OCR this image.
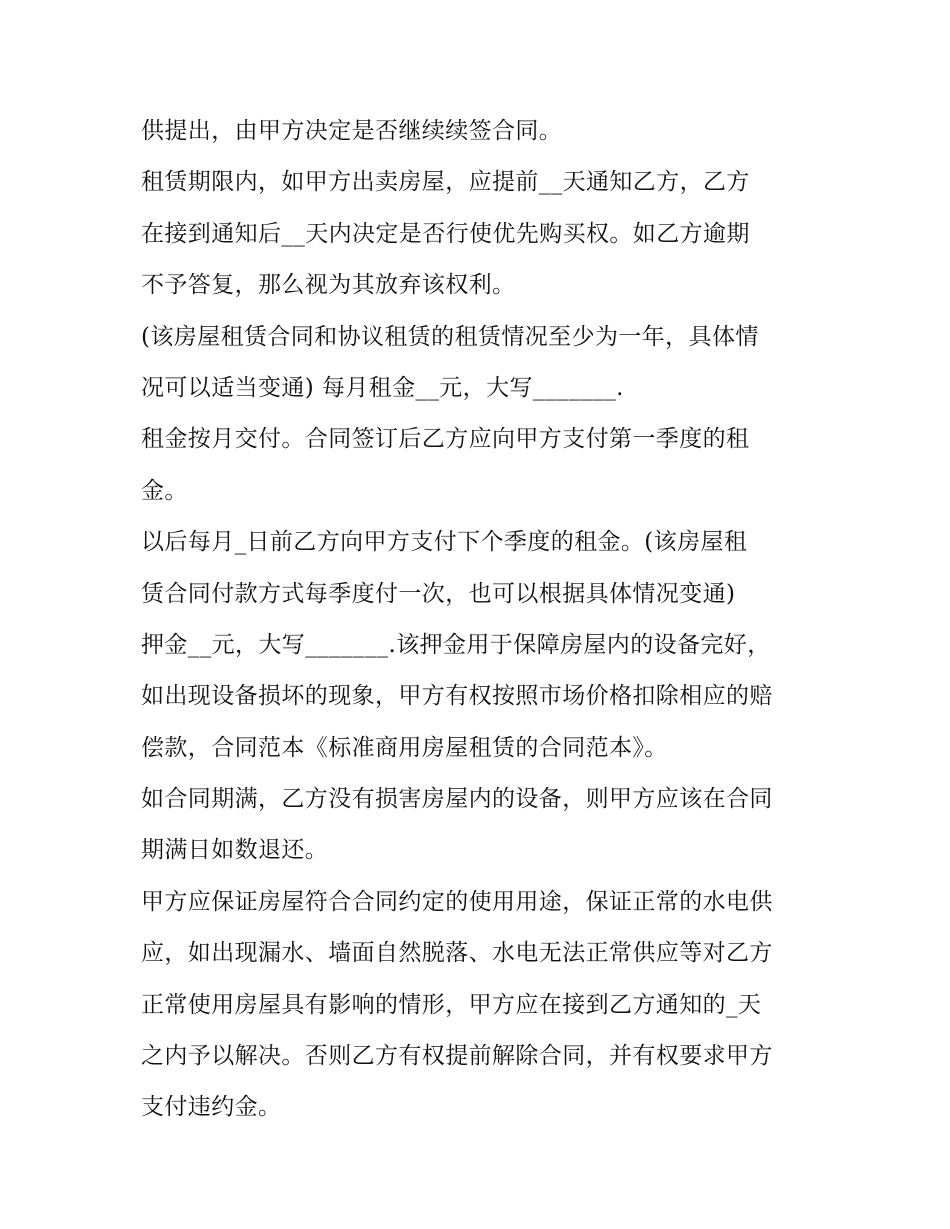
供提出，由甲方决定是否继续续签合同。
租赁期限内，如甲方出卖房屋，应提前__天通知乙方，乙方
在接到通知后__天内决定是否行使优先购买权。如乙方逾期
不予答复，那么视为其放弃该权利。
(该房屋租赁合同和协议租赁的租赁情况至少为一年，具体情
况可以适当变通) 每月租金__元，大写_______.
租金按月交付。合同签订后乙方应向甲方支付第一季度的租
金。
以后每月_日前乙方向甲方支付下个季度的租金。(该房屋租
赁合同付款方式每季度付一次，也可以根据具体情况变通)
押金__元，大写_______.该押金用于保障房屋内的设备完好，
如出现设备损坏的现象，甲方有权按照市场价格扣除相应的赔
偿款，合同范本《标准商用房屋租赁的合同范本》。
如合同期满，乙方没有损害房屋内的设备，则甲方应该在合同
期满日如数退还。
甲方应保证房屋符合合同约定的使用用途，保证正常的水电供
应，如出现漏水、墙面自然脱落、水电无法正常供应等对乙方
正常使用房屋具有影响的情形，甲方应在接到乙方通知的_天
之内予以解决。否则乙方有权提前解除合同，并有权要求甲方
支付违约金。
